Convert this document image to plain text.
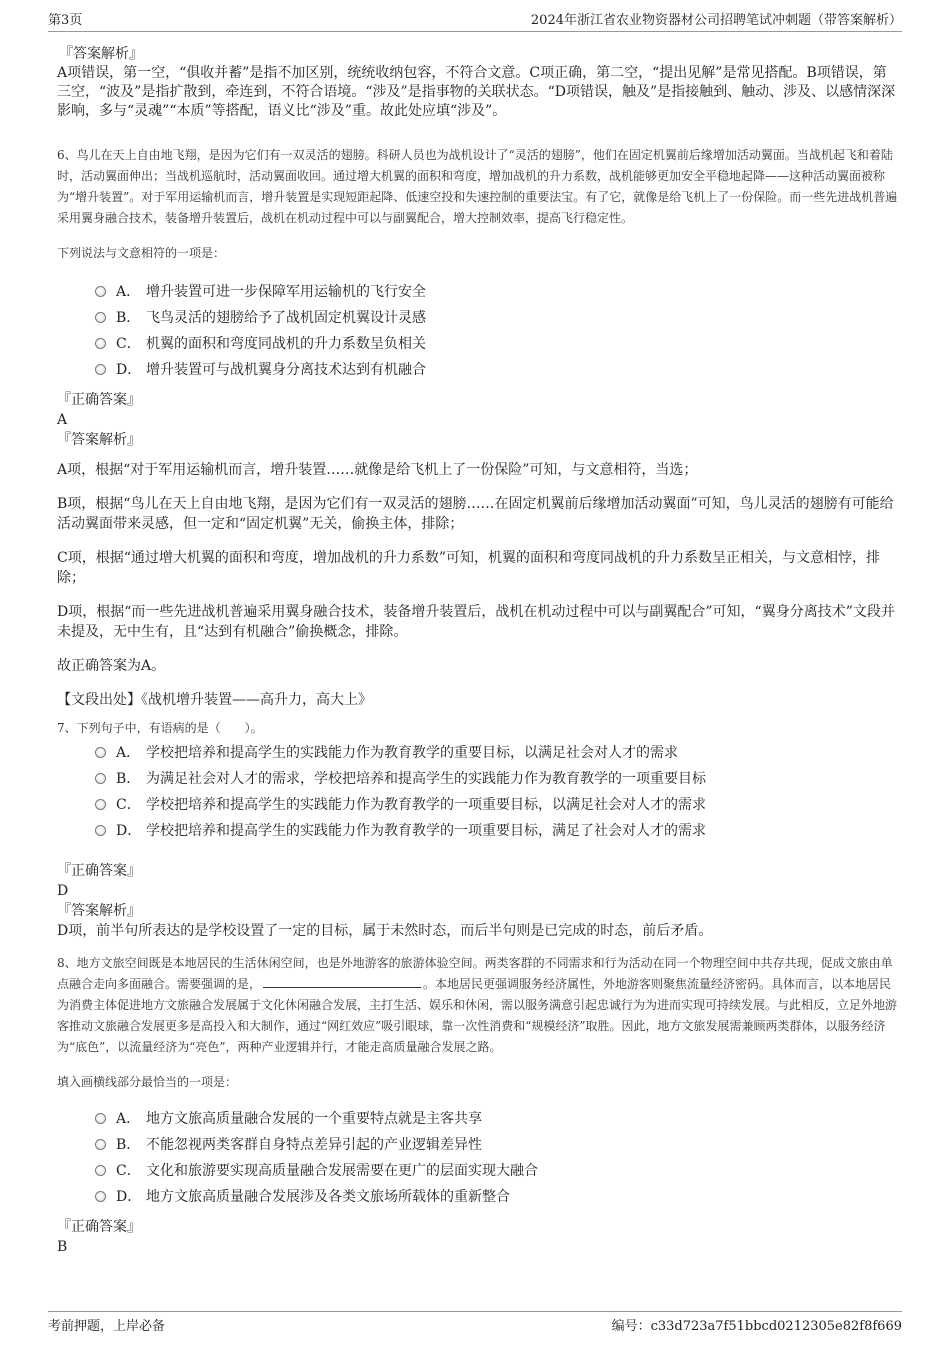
第3页	2024年浙江省农业物资器材公司招聘笔试冲刺题（带答案解析）
『答案解析』
A项错误，第一空，“俱收并蓄”是指不加区别，统统收纳包容，不符合文意。C项正确，第二空，“提出见解”是常见搭配。B项错误，第三空，“波及”是指扩散到，牵连到，不符合语境。“涉及”是指事物的关联状态。“D项错误，触及”是指接触到、触动、涉及、以感情深深影响，多与“灵魂”“本质”等搭配，语义比“涉及”重。故此处应填“涉及”。
6、鸟儿在天上自由地飞翔，是因为它们有一双灵活的翅膀。科研人员也为战机设计了“灵活的翅膀”，他们在固定机翼前后缘增加活动翼面。当战机起飞和着陆时，活动翼面伸出；当战机巡航时，活动翼面收回。通过增大机翼的面积和弯度，增加战机的升力系数，战机能够更加安全平稳地起降——这种活动翼面被称为“增升装置”。对于军用运输机而言，增升装置是实现短距起降、低速空投和失速控制的重要法宝。有了它，就像是给飞机上了一份保险。而一些先进战机普遍采用翼身融合技术，装备增升装置后，战机在机动过程中可以与副翼配合，增大控制效率，提高飞行稳定性。
下列说法与文意相符的一项是：
A． 增升装置可进一步保障军用运输机的飞行安全
B． 飞鸟灵活的翅膀给予了战机固定机翼设计灵感
C． 机翼的面积和弯度同战机的升力系数呈负相关
D． 增升装置可与战机翼身分离技术达到有机融合
『正确答案』
A
『答案解析』
A项，根据“对于军用运输机而言，增升装置……就像是给飞机上了一份保险”可知，与文意相符，当选；
B项，根据“鸟儿在天上自由地飞翔，是因为它们有一双灵活的翅膀……在固定机翼前后缘增加活动翼面”可知，鸟儿灵活的翅膀有可能给活动翼面带来灵感，但一定和“固定机翼”无关，偷换主体，排除；
C项，根据“通过增大机翼的面积和弯度，增加战机的升力系数”可知，机翼的面积和弯度同战机的升力系数呈正相关，与文意相悖，排除；
D项，根据“而一些先进战机普遍采用翼身融合技术，装备增升装置后，战机在机动过程中可以与副翼配合”可知，“翼身分离技术”文段并未提及，无中生有，且“达到有机融合”偷换概念，排除。
故正确答案为A。
【文段出处】《战机增升装置——高升力，高大上》
7、下列句子中，有语病的是（　　）。
A． 学校把培养和提高学生的实践能力作为教育教学的重要目标，以满足社会对人才的需求
B． 为满足社会对人才的需求，学校把培养和提高学生的实践能力作为教育教学的一项重要目标
C． 学校把培养和提高学生的实践能力作为教育教学的一项重要目标，以满足社会对人才的需求
D． 学校把培养和提高学生的实践能力作为教育教学的一项重要目标，满足了社会对人才的需求
『正确答案』
D
『答案解析』
D项，前半句所表达的是学校设置了一定的目标，属于未然时态，而后半句则是已完成的时态，前后矛盾。
8、地方文旅空间既是本地居民的生活休闲空间，也是外地游客的旅游体验空间。两类客群的不同需求和行为活动在同一个物理空间中共存共现，促成文旅由单点融合走向多面融合。需要强调的是，	。本地居民更强调服务经济属性，外地游客则聚焦流量经济密码。具体而言，以本地居民为消费主体促进地方文旅融合发展属于文化休闲融合发展，主打生活、娱乐和休闲，需以服务满意引起忠诚行为为进而实现可持续发展。与此相反，立足外地游客推动文旅融合发展更多是高投入和大制作，通过“网红效应”吸引眼球，靠一次性消费和“规模经济”取胜。因此，地方文旅发展需兼顾两类群体，以服务经济为“底色”，以流量经济为“亮色”，两种产业逻辑并行，才能走高质量融合发展之路。
填入画横线部分最恰当的一项是：
A． 地方文旅高质量融合发展的一个重要特点就是主客共享
B． 不能忽视两类客群自身特点差异引起的产业逻辑差异性
C． 文化和旅游要实现高质量融合发展需要在更广的层面实现大融合
D． 地方文旅高质量融合发展涉及各类文旅场所载体的重新整合
『正确答案』
B
考前押题，上岸必备	编号：c33d723a7f51bbcd0212305e82f8f669
